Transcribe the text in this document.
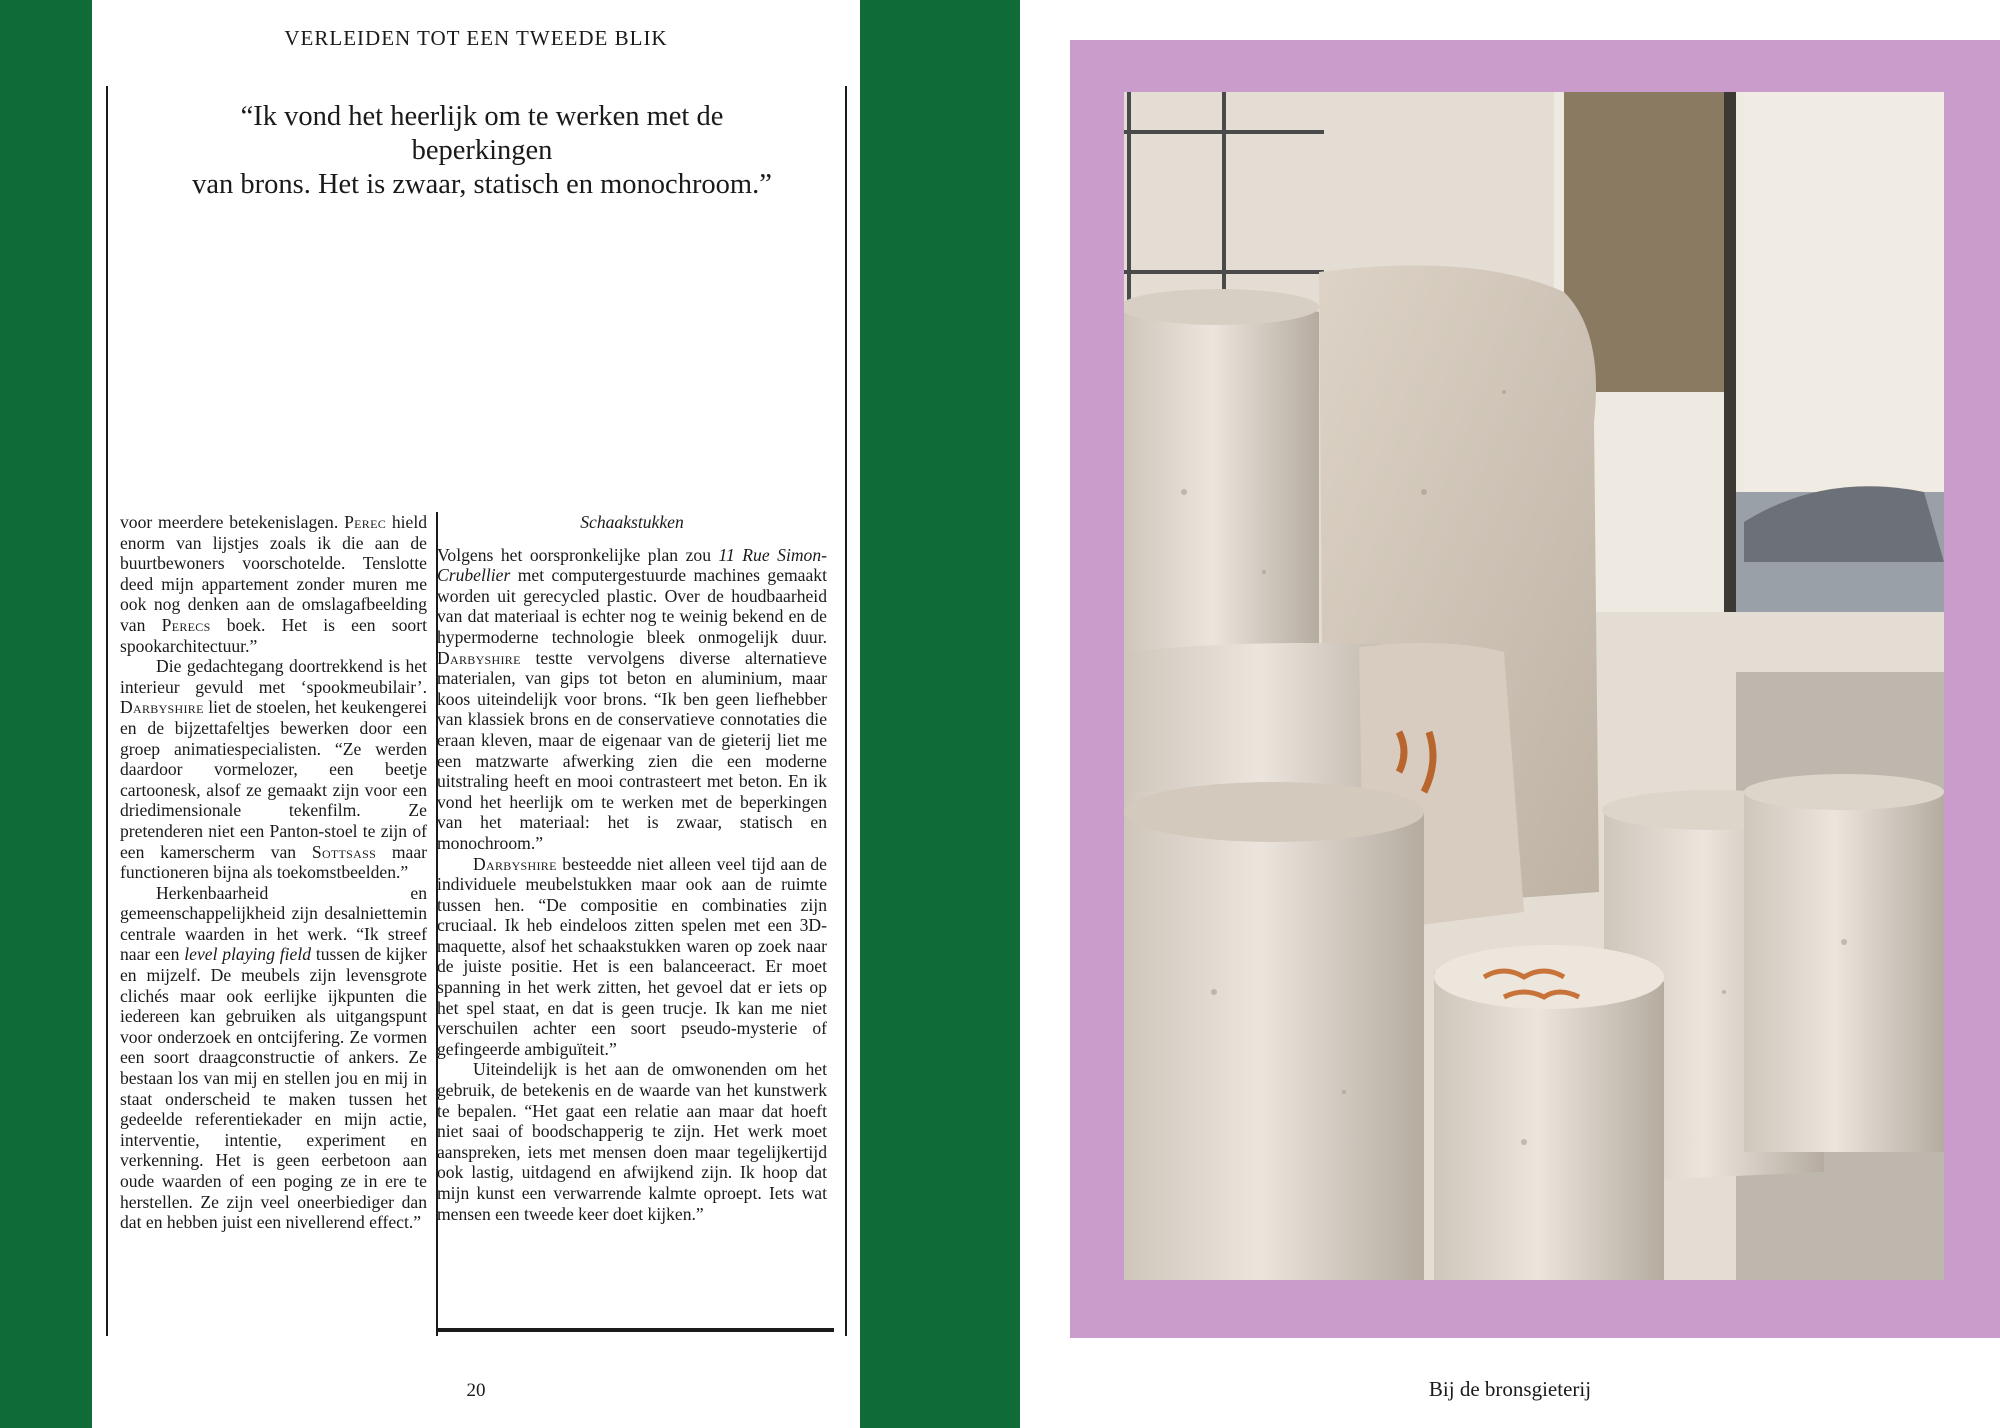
VERLEIDEN TOT EEN TWEEDE BLIK
“Ik vond het heerlijk om te werken met de beperkingen
van brons. Het is zwaar, statisch en monochroom.”

voor meerdere betekenislagen. Perec hield enorm van lijstjes zoals ik die aan de buurtbewoners voorschotelde. Tenslotte deed mijn appartement zonder muren me ook nog denken aan de omslagafbeelding van Perecs boek. Het is een soort spookarchitectuur.”

Die gedachtegang doortrekkend is het interieur gevuld met ‘spookmeubilair’. Darbyshire liet de stoelen, het keukengerei en de bijzettafeltjes bewerken door een groep animatiespecialisten. “Ze werden daardoor vormelozer, een beetje cartoonesk, alsof ze gemaakt zijn voor een driedimensionale tekenfilm. Ze pretenderen niet een Panton-stoel te zijn of een kamerscherm van Sottsass maar functioneren bijna als toekomstbeelden.”

Herkenbaarheid en gemeenschappelijkheid zijn desalniettemin centrale waarden in het werk. “Ik streef naar een level playing field tussen de kijker en mijzelf. De meubels zijn levensgrote clichés maar ook eerlijke ijkpunten die iedereen kan gebruiken als uitgangspunt voor onderzoek en ontcijfering. Ze vormen een soort draagconstructie of ankers. Ze bestaan los van mij en stellen jou en mij in staat onderscheid te maken tussen het gedeelde referentiekader en mijn actie, interventie, intentie, experiment en verkenning. Het is geen eerbetoon aan oude waarden of een poging ze in ere te herstellen. Ze zijn veel oneerbiediger dan dat en hebben juist een nivellerend effect.”

Schaakstukken

Volgens het oorspronkelijke plan zou 11 Rue Simon-Crubellier met computergestuurde machines gemaakt worden uit gerecycled plastic. Over de houdbaarheid van dat materiaal is echter nog te weinig bekend en de hypermoderne technologie bleek onmogelijk duur. Darbyshire testte vervolgens diverse alternatieve materialen, van gips tot beton en aluminium, maar koos uiteindelijk voor brons. “Ik ben geen liefhebber van klassiek brons en de conservatieve connotaties die eraan kleven, maar de eigenaar van de gieterij liet me een matzwarte afwerking zien die een moderne uitstraling heeft en mooi contrasteert met beton. En ik vond het heerlijk om te werken met de beperkingen van het materiaal: het is zwaar, statisch en monochroom.”

Darbyshire besteedde niet alleen veel tijd aan de individuele meubelstukken maar ook aan de ruimte tussen hen. “De compositie en combinaties zijn cruciaal. Ik heb eindeloos zitten spelen met een 3D-maquette, alsof het schaakstukken waren op zoek naar de juiste positie. Het is een balanceeract. Er moet spanning in het werk zitten, het gevoel dat er iets op het spel staat, en dat is geen trucje. Ik kan me niet verschuilen achter een soort pseudo-mysterie of gefingeerde ambiguïteit.”

Uiteindelijk is het aan de omwonenden om het gebruik, de betekenis en de waarde van het kunstwerk te bepalen. “Het gaat een relatie aan maar dat hoeft niet saai of boodschapperig te zijn. Het werk moet aanspreken, iets met mensen doen maar tegelijkertijd ook lastig, uitdagend en afwijkend zijn. Ik hoop dat mijn kunst een verwarrende kalmte oproept. Iets wat mensen een tweede keer doet kijken.”

20	Bij de bronsgieterij
